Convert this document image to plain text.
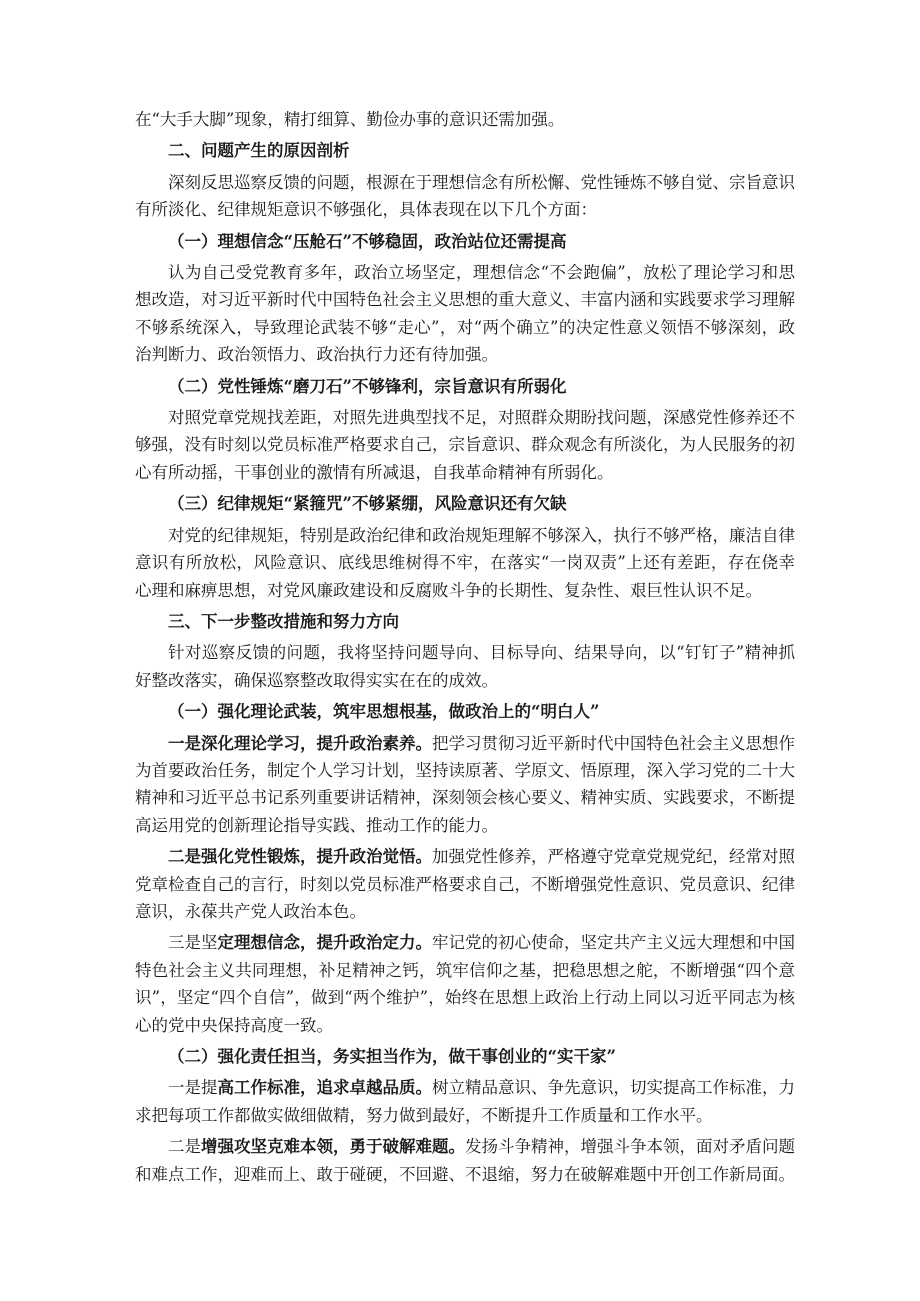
在“大手大脚”现象，精打细算、勤俭办事的意识还需加强。

二、问题产生的原因剖析

深刻反思巡察反馈的问题，根源在于理想信念有所松懈、党性锤炼不够自觉、宗旨意识有所淡化、纪律规矩意识不够强化，具体表现在以下几个方面：

（一）理想信念“压舱石”不够稳固，政治站位还需提高

认为自己受党教育多年，政治立场坚定，理想信念“不会跑偏”，放松了理论学习和思想改造，对习近平新时代中国特色社会主义思想的重大意义、丰富内涵和实践要求学习理解不够系统深入，导致理论武装不够“走心”，对“两个确立”的决定性意义领悟不够深刻，政治判断力、政治领悟力、政治执行力还有待加强。

（二）党性锤炼“磨刀石”不够锋利，宗旨意识有所弱化

对照党章党规找差距，对照先进典型找不足，对照群众期盼找问题，深感党性修养还不够强，没有时刻以党员标准严格要求自己，宗旨意识、群众观念有所淡化，为人民服务的初心有所动摇，干事创业的激情有所减退，自我革命精神有所弱化。

（三）纪律规矩“紧箍咒”不够紧绷，风险意识还有欠缺

对党的纪律规矩，特别是政治纪律和政治规矩理解不够深入，执行不够严格，廉洁自律意识有所放松，风险意识、底线思维树得不牢，在落实“一岗双责”上还有差距，存在侥幸心理和麻痹思想，对党风廉政建设和反腐败斗争的长期性、复杂性、艰巨性认识不足。

三、下一步整改措施和努力方向

针对巡察反馈的问题，我将坚持问题导向、目标导向、结果导向，以“钉钉子”精神抓好整改落实，确保巡察整改取得实实在在的成效。

（一）强化理论武装，筑牢思想根基，做政治上的“明白人”

一是深化理论学习，提升政治素养。把学习贯彻习近平新时代中国特色社会主义思想作为首要政治任务，制定个人学习计划，坚持读原著、学原文、悟原理，深入学习党的二十大精神和习近平总书记系列重要讲话精神，深刻领会核心要义、精神实质、实践要求，不断提高运用党的创新理论指导实践、推动工作的能力。

二是强化党性锻炼，提升政治觉悟。加强党性修养，严格遵守党章党规党纪，经常对照党章检查自己的言行，时刻以党员标准严格要求自己，不断增强党性意识、党员意识、纪律意识，永葆共产党人政治本色。

三是坚定理想信念，提升政治定力。牢记党的初心使命，坚定共产主义远大理想和中国特色社会主义共同理想，补足精神之钙，筑牢信仰之基，把稳思想之舵，不断增强“四个意识”，坚定“四个自信”，做到“两个维护”，始终在思想上政治上行动上同以习近平同志为核心的党中央保持高度一致。

（二）强化责任担当，务实担当作为，做干事创业的“实干家”

一是提高工作标准，追求卓越品质。树立精品意识、争先意识，切实提高工作标准，力求把每项工作都做实做细做精，努力做到最好，不断提升工作质量和工作水平。

二是增强攻坚克难本领，勇于破解难题。发扬斗争精神，增强斗争本领，面对矛盾问题和难点工作，迎难而上、敢于碰硬，不回避、不退缩，努力在破解难题中开创工作新局面。
